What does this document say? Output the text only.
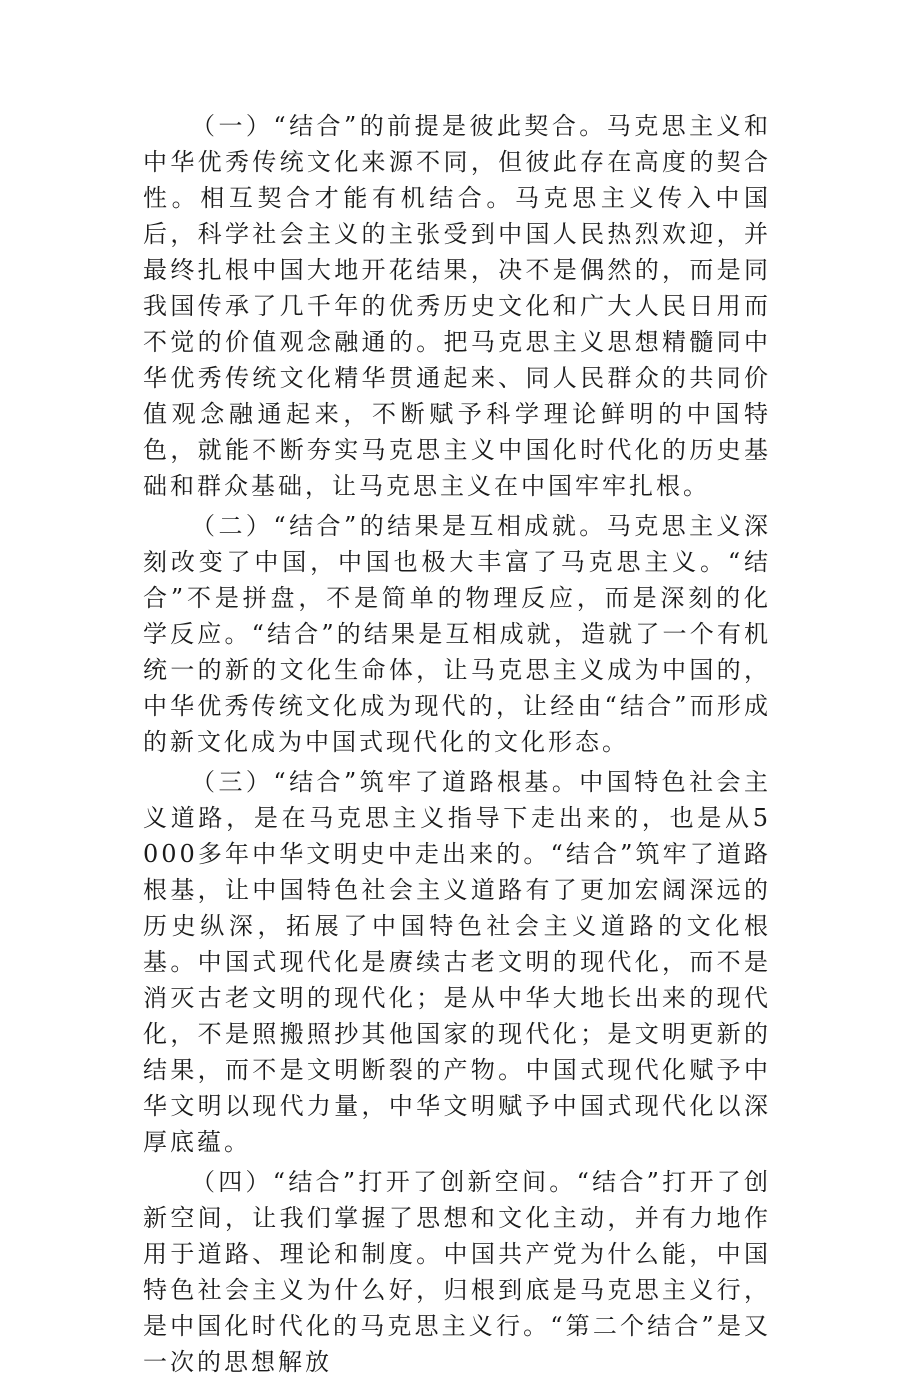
（一）“结合”的前提是彼此契合。马克思主义和中华优秀传统文化来源不同，但彼此存在高度的契合性。相互契合才能有机结合。马克思主义传入中国后，科学社会主义的主张受到中国人民热烈欢迎，并最终扎根中国大地开花结果，决不是偶然的，而是同我国传承了几千年的优秀历史文化和广大人民日用而不觉的价值观念融通的。把马克思主义思想精髓同中华优秀传统文化精华贯通起来、同人民群众的共同价值观念融通起来，不断赋予科学理论鲜明的中国特色，就能不断夯实马克思主义中国化时代化的历史基础和群众基础，让马克思主义在中国牢牢扎根。

（二）“结合”的结果是互相成就。马克思主义深刻改变了中国，中国也极大丰富了马克思主义。“结合”不是拼盘，不是简单的物理反应，而是深刻的化学反应。“结合”的结果是互相成就，造就了一个有机统一的新的文化生命体，让马克思主义成为中国的，中华优秀传统文化成为现代的，让经由“结合”而形成的新文化成为中国式现代化的文化形态。

（三）“结合”筑牢了道路根基。中国特色社会主义道路，是在马克思主义指导下走出来的，也是从5000多年中华文明史中走出来的。“结合”筑牢了道路根基，让中国特色社会主义道路有了更加宏阔深远的历史纵深，拓展了中国特色社会主义道路的文化根基。中国式现代化是赓续古老文明的现代化，而不是消灭古老文明的现代化；是从中华大地长出来的现代化，不是照搬照抄其他国家的现代化；是文明更新的结果，而不是文明断裂的产物。中国式现代化赋予中华文明以现代力量，中华文明赋予中国式现代化以深厚底蕴。

（四）“结合”打开了创新空间。“结合”打开了创新空间，让我们掌握了思想和文化主动，并有力地作用于道路、理论和制度。中国共产党为什么能，中国特色社会主义为什么好，归根到底是马克思主义行，是中国化时代化的马克思主义行。“第二个结合”是又一次的思想解放
